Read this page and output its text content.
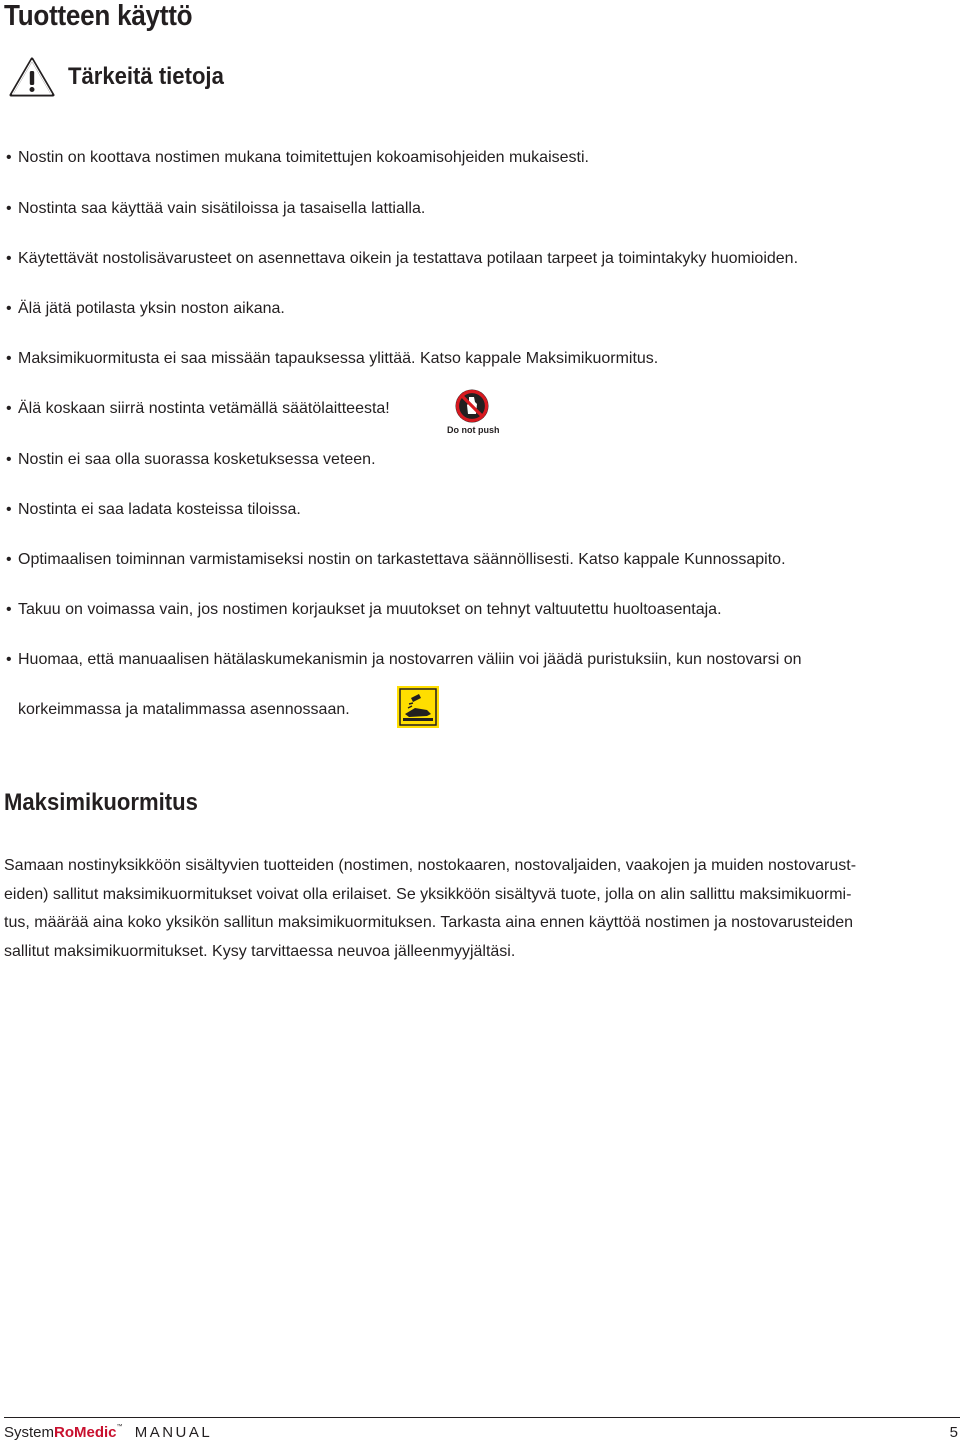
Tuotteen käyttö
Tärkeitä tietoja
• Nostin on koottava nostimen mukana toimitettujen kokoamisohjeiden mukaisesti.
• Nostinta saa käyttää vain sisätiloissa ja tasaisella lattialla.
• Käytettävät nostolisävarusteet on asennettava oikein ja testattava potilaan tarpeet ja toimintakyky huomioiden.
• Älä jätä potilasta yksin noston aikana.
• Maksimikuormitusta ei saa missään tapauksessa ylittää. Katso kappale Maksimikuormitus.
• Älä koskaan siirrä nostinta vetämällä säätölaitteesta!
• Nostin ei saa olla suorassa kosketuksessa veteen.
• Nostinta ei saa ladata kosteissa tiloissa.
• Optimaalisen toiminnan varmistamiseksi nostin on tarkastettava säännöllisesti. Katso kappale Kunnossapito.
• Takuu on voimassa vain, jos nostimen korjaukset ja muutokset on tehnyt valtuutettu huoltoasentaja.
• Huomaa, että manuaalisen hätälaskumekanismin ja nostovarren väliin voi jäädä puristuksiin, kun nostovarsi on
korkeimmassa ja matalimmassa asennossaan.
Do not push
Maksimikuormitus
Samaan nostinyksikköön sisältyvien tuotteiden (nostimen, nostokaaren, nostovaljaiden, vaakojen ja muiden nostovarust-
eiden) sallitut maksimikuormitukset voivat olla erilaiset. Se yksikköön sisältyvä tuote, jolla on alin sallittu maksimikuormi-
tus, määrää aina koko yksikön sallitun maksimikuormituksen. Tarkasta aina ennen käyttöä nostimen ja nostovarusteiden
sallitut maksimikuormitukset. Kysy tarvittaessa neuvoa jälleenmyyjältäsi.
SystemRoMedic™ MANUAL	5
